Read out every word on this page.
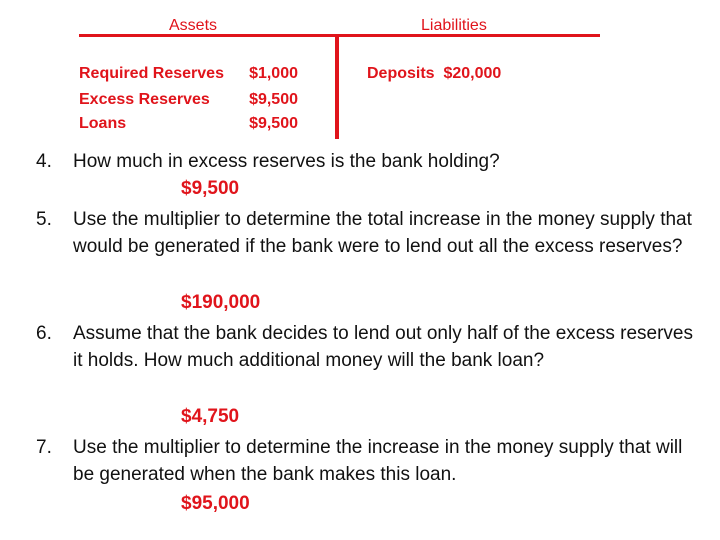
Assets	Liabilities
Required Reserves $1,000
Excess Reserves $9,500
Loans	$9,500
Deposits $20,000
4. How much in excess reserves is the bank holding?
$9,500
5. Use the multiplier to determine the total increase in the money supply that would be generated if the bank were to lend out all the excess reserves?
$190,000
6. Assume that the bank decides to lend out only half of the excess reserves it holds. How much additional money will the bank loan?
$4,750
7. Use the multiplier to determine the increase in the money supply that will be generated when the bank makes this loan.
$95,000
